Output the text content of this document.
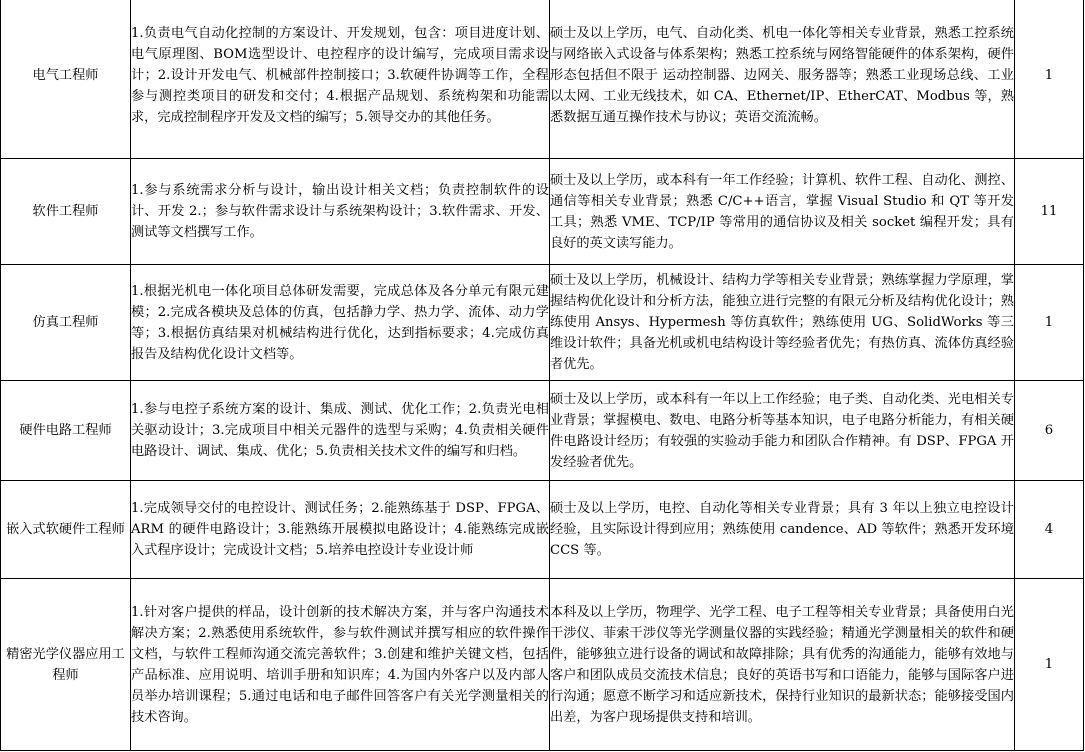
电气工程师	1.负责电气自动化控制的方案设计、开发规划，包含：项目进度计划、电气原理图、BOM选型设计、电控程序的设计编写，完成项目需求设计；2.设计开发电气、机械部件控制接口；3.软硬件协调等工作，全程参与测控类项目的研发和交付；4.根据产品规划、系统构架和功能需求，完成控制程序开发及文档的编写；5.领导交办的其他任务。	硕士及以上学历，电气、自动化类、机电一体化等相关专业背景，熟悉工控系统与网络嵌入式设备与体系架构；熟悉工控系统与网络智能硬件的体系架构，硬件形态包括但不限于 运动控制器、边网关、服务器等；熟悉工业现场总线、工业以太网、工业无线技术，如 CA、Ethernet/IP、EtherCAT、Modbus 等，熟悉数据互通互操作技术与协议；英语交流流畅。	1
软件工程师	1.参与系统需求分析与设计，输出设计相关文档；负责控制软件的设计、开发 2.；参与软件需求设计与系统架构设计；3.软件需求、开发、测试等文档撰写工作。	硕士及以上学历，或本科有一年工作经验；计算机、软件工程、自动化、测控、通信等相关专业背景；熟悉 C/C++语言，掌握 Visual Studio 和 QT 等开发工具；熟悉 VME、TCP/IP 等常用的通信协议及相关 socket 编程开发；具有良好的英文读写能力。	11
仿真工程师	1.根据光机电一体化项目总体研发需要，完成总体及各分单元有限元建模；2.完成各模块及总体的仿真，包括静力学、热力学、流体、动力学等；3.根据仿真结果对机械结构进行优化，达到指标要求；4.完成仿真报告及结构优化设计文档等。	硕士及以上学历，机械设计、结构力学等相关专业背景；熟练掌握力学原理，掌握结构优化设计和分析方法，能独立进行完整的有限元分析及结构优化设计；熟练使用 Ansys、Hypermesh 等仿真软件；熟练使用 UG、SolidWorks 等三维设计软件；具备光机或机电结构设计等经验者优先；有热仿真、流体仿真经验者优先。	1
硬件电路工程师	1.参与电控子系统方案的设计、集成、测试、优化工作；2.负责光电相关驱动设计；3.完成项目中相关元器件的选型与采购；4.负责相关硬件电路设计、调试、集成、优化；5.负责相关技术文件的编写和归档。	硕士及以上学历，或本科有一年以上工作经验；电子类、自动化类、光电相关专业背景；掌握模电、数电、电路分析等基本知识，电子电路分析能力，有相关硬件电路设计经历；有较强的实验动手能力和团队合作精神。有 DSP、FPGA 开发经验者优先。	6
嵌入式软硬件工程师	1.完成领导交付的电控设计、测试任务；2.能熟练基于 DSP、FPGA、ARM 的硬件电路设计；3.能熟练开展模拟电路设计；4.能熟练完成嵌入式程序设计；完成设计文档；5.培养电控设计专业设计师	硕士及以上学历，电控、自动化等相关专业背景；具有 3 年以上独立电控设计经验，且实际设计得到应用；熟练使用 candence、AD 等软件；熟悉开发环境 CCS 等。	4
精密光学仪器应用工程师	1.针对客户提供的样品，设计创新的技术解决方案，并与客户沟通技术解决方案；2.熟悉使用系统软件，参与软件测试并撰写相应的软件操作文档，与软件工程师沟通交流完善软件；3.创建和维护关键文档，包括产品标准、应用说明、培训手册和知识库；4.为国内外客户以及内部人员举办培训课程；5.通过电话和电子邮件回答客户有关光学测量相关的技术咨询。	本科及以上学历，物理学、光学工程、电子工程等相关专业背景；具备使用白光干涉仪、菲索干涉仪等光学测量仪器的实践经验；精通光学测量相关的软件和硬件，能够独立进行设备的调试和故障排除；具有优秀的沟通能力，能够有效地与客户和团队成员交流技术信息；良好的英语书写和口语能力，能够与国际客户进行沟通；愿意不断学习和适应新技术，保持行业知识的最新状态；能够接受国内出差，为客户现场提供支持和培训。	1
